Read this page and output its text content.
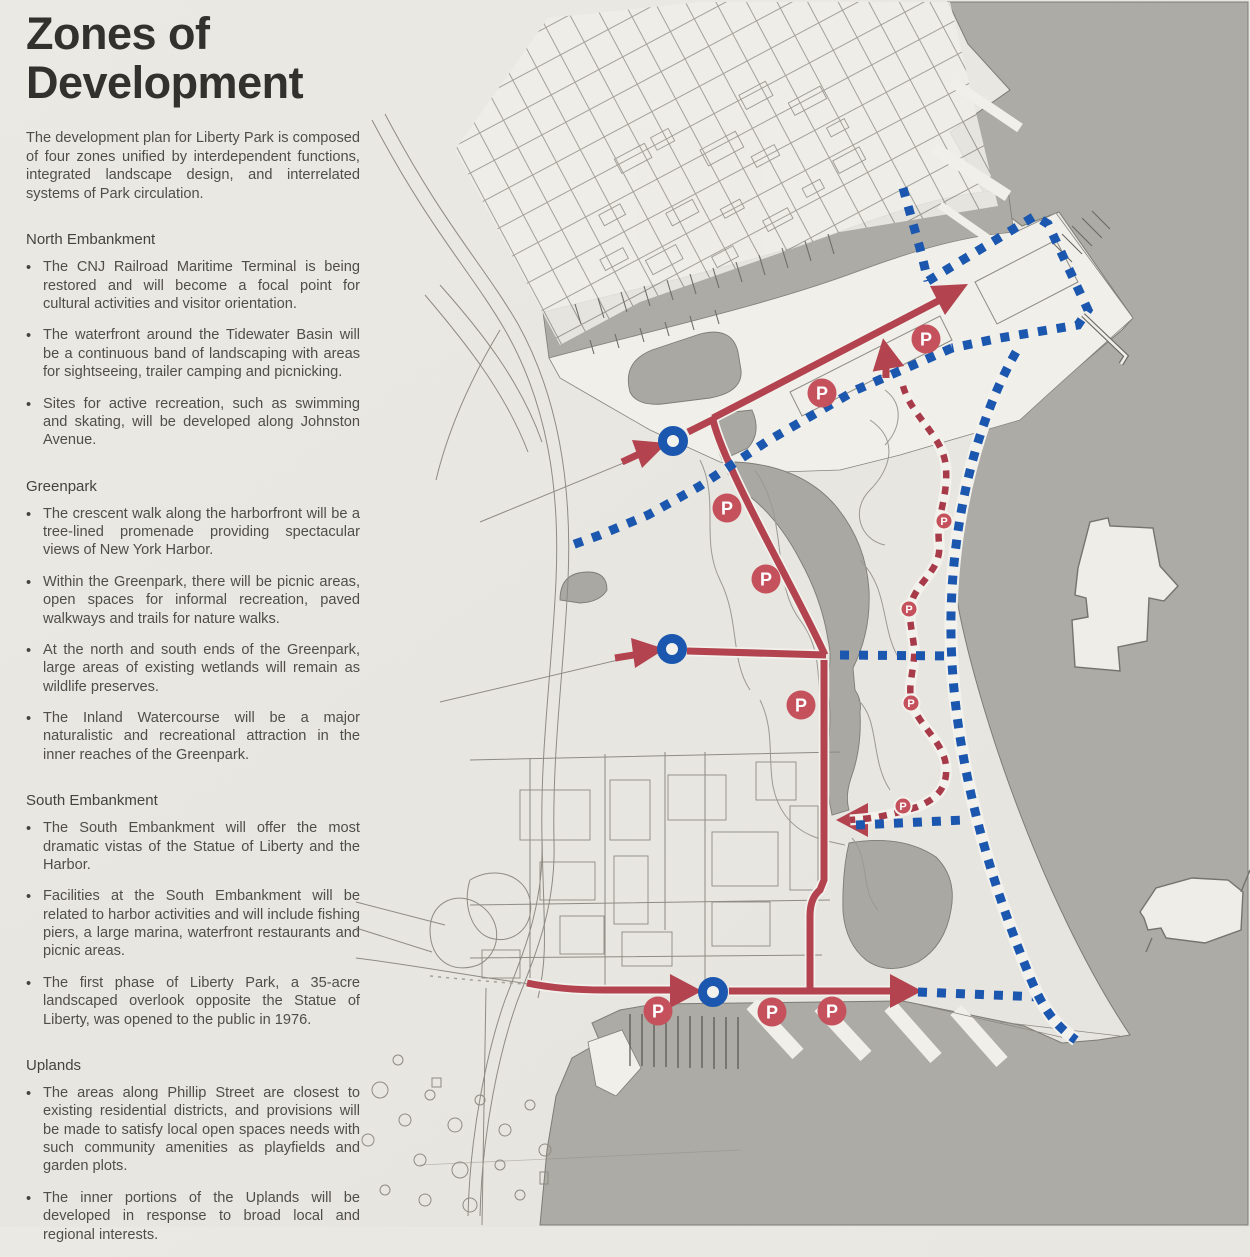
P
P
P
P
P
P	P	P
P
P
P
P
Zones of
Development

The development plan for Liberty Park is composed of four zones unified by interdependent functions, integrated landscape design, and interrelated systems of Park circulation.

North Embankment
• The CNJ Railroad Maritime Terminal is being restored and will become a focal point for cultural activities and visitor orientation.
• The waterfront around the Tidewater Basin will be a continuous band of landscaping with areas for sightseeing, trailer camping and picnicking.
• Sites for active recreation, such as swimming and skating, will be developed along Johnston Avenue.
Greenpark
• The crescent walk along the harborfront will be a tree-lined promenade providing spectacular views of New York Harbor.
• Within the Greenpark, there will be picnic areas, open spaces for informal recreation, paved walkways and trails for nature walks.
• At the north and south ends of the Greenpark, large areas of existing wetlands will remain as wildlife preserves.
• The Inland Watercourse will be a major naturalistic and recreational attraction in the inner reaches of the Greenpark.
South Embankment
• The South Embankment will offer the most dramatic vistas of the Statue of Liberty and the Harbor.
• Facilities at the South Embankment will be related to harbor activities and will include fishing piers, a large marina, waterfront restaurants and picnic areas.
• The first phase of Liberty Park, a 35-acre landscaped overlook opposite the Statue of Liberty, was opened to the public in 1976.
Uplands
• The areas along Phillip Street are closest to existing residential districts, and provisions will be made to satisfy local open spaces needs with such community amenities as playfields and garden plots.
• The inner portions of the Uplands will be developed in response to broad local and regional interests.
